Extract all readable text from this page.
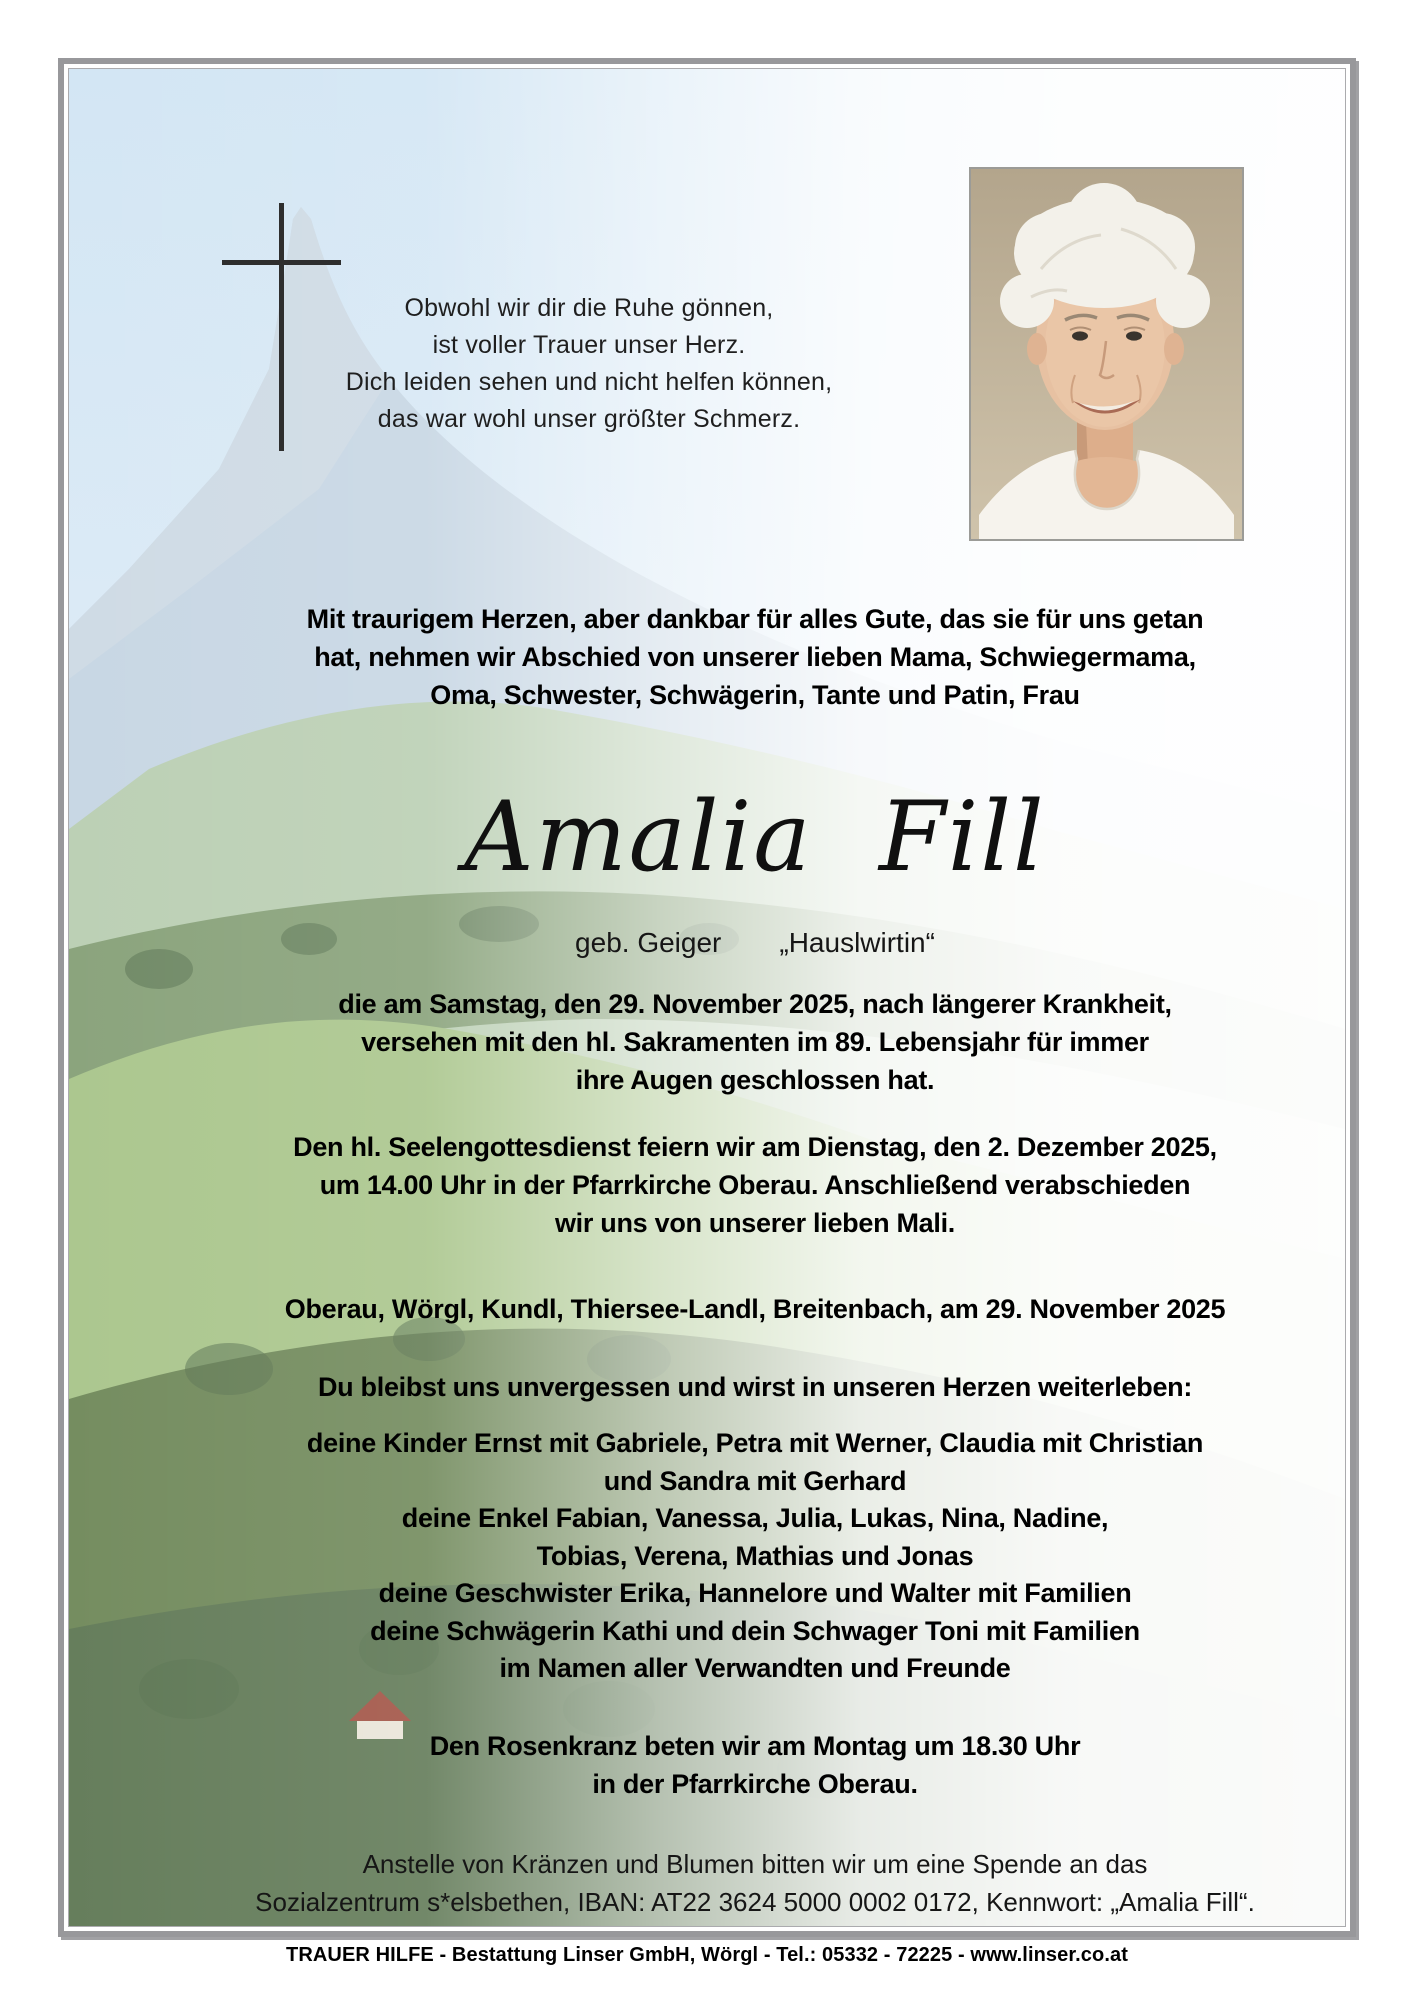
Obwohl wir dir die Ruhe gönnen,
ist voller Trauer unser Herz.
Dich leiden sehen und nicht helfen können,
das war wohl unser größter Schmerz.
Mit traurigem Herzen, aber dankbar für alles Gute, das sie für uns getan
hat, nehmen wir Abschied von unserer lieben Mama, Schwiegermama,
Oma, Schwester, Schwägerin, Tante und Patin, Frau
Amalia Fill
geb. Geiger „Hauslwirtin“
die am Samstag, den 29. November 2025, nach längerer Krankheit,
versehen mit den hl. Sakramenten im 89. Lebensjahr für immer
ihre Augen geschlossen hat.
Den hl. Seelengottesdienst feiern wir am Dienstag, den 2. Dezember 2025,
um 14.00 Uhr in der Pfarrkirche Oberau. Anschließend verabschieden
wir uns von unserer lieben Mali.
Oberau, Wörgl, Kundl, Thiersee-Landl, Breitenbach, am 29. November 2025
Du bleibst uns unvergessen und wirst in unseren Herzen weiterleben:
deine Kinder Ernst mit Gabriele, Petra mit Werner, Claudia mit Christian
und Sandra mit Gerhard
deine Enkel Fabian, Vanessa, Julia, Lukas, Nina, Nadine,
Tobias, Verena, Mathias und Jonas
deine Geschwister Erika, Hannelore und Walter mit Familien
deine Schwägerin Kathi und dein Schwager Toni mit Familien
im Namen aller Verwandten und Freunde
Den Rosenkranz beten wir am Montag um 18.30 Uhr
in der Pfarrkirche Oberau.
Anstelle von Kränzen und Blumen bitten wir um eine Spende an das
Sozialzentrum s*elsbethen, IBAN: AT22 3624 5000 0002 0172, Kennwort: „Amalia Fill“.
TRAUER HILFE - Bestattung Linser GmbH, Wörgl - Tel.: 05332 - 72225 - www.linser.co.at
